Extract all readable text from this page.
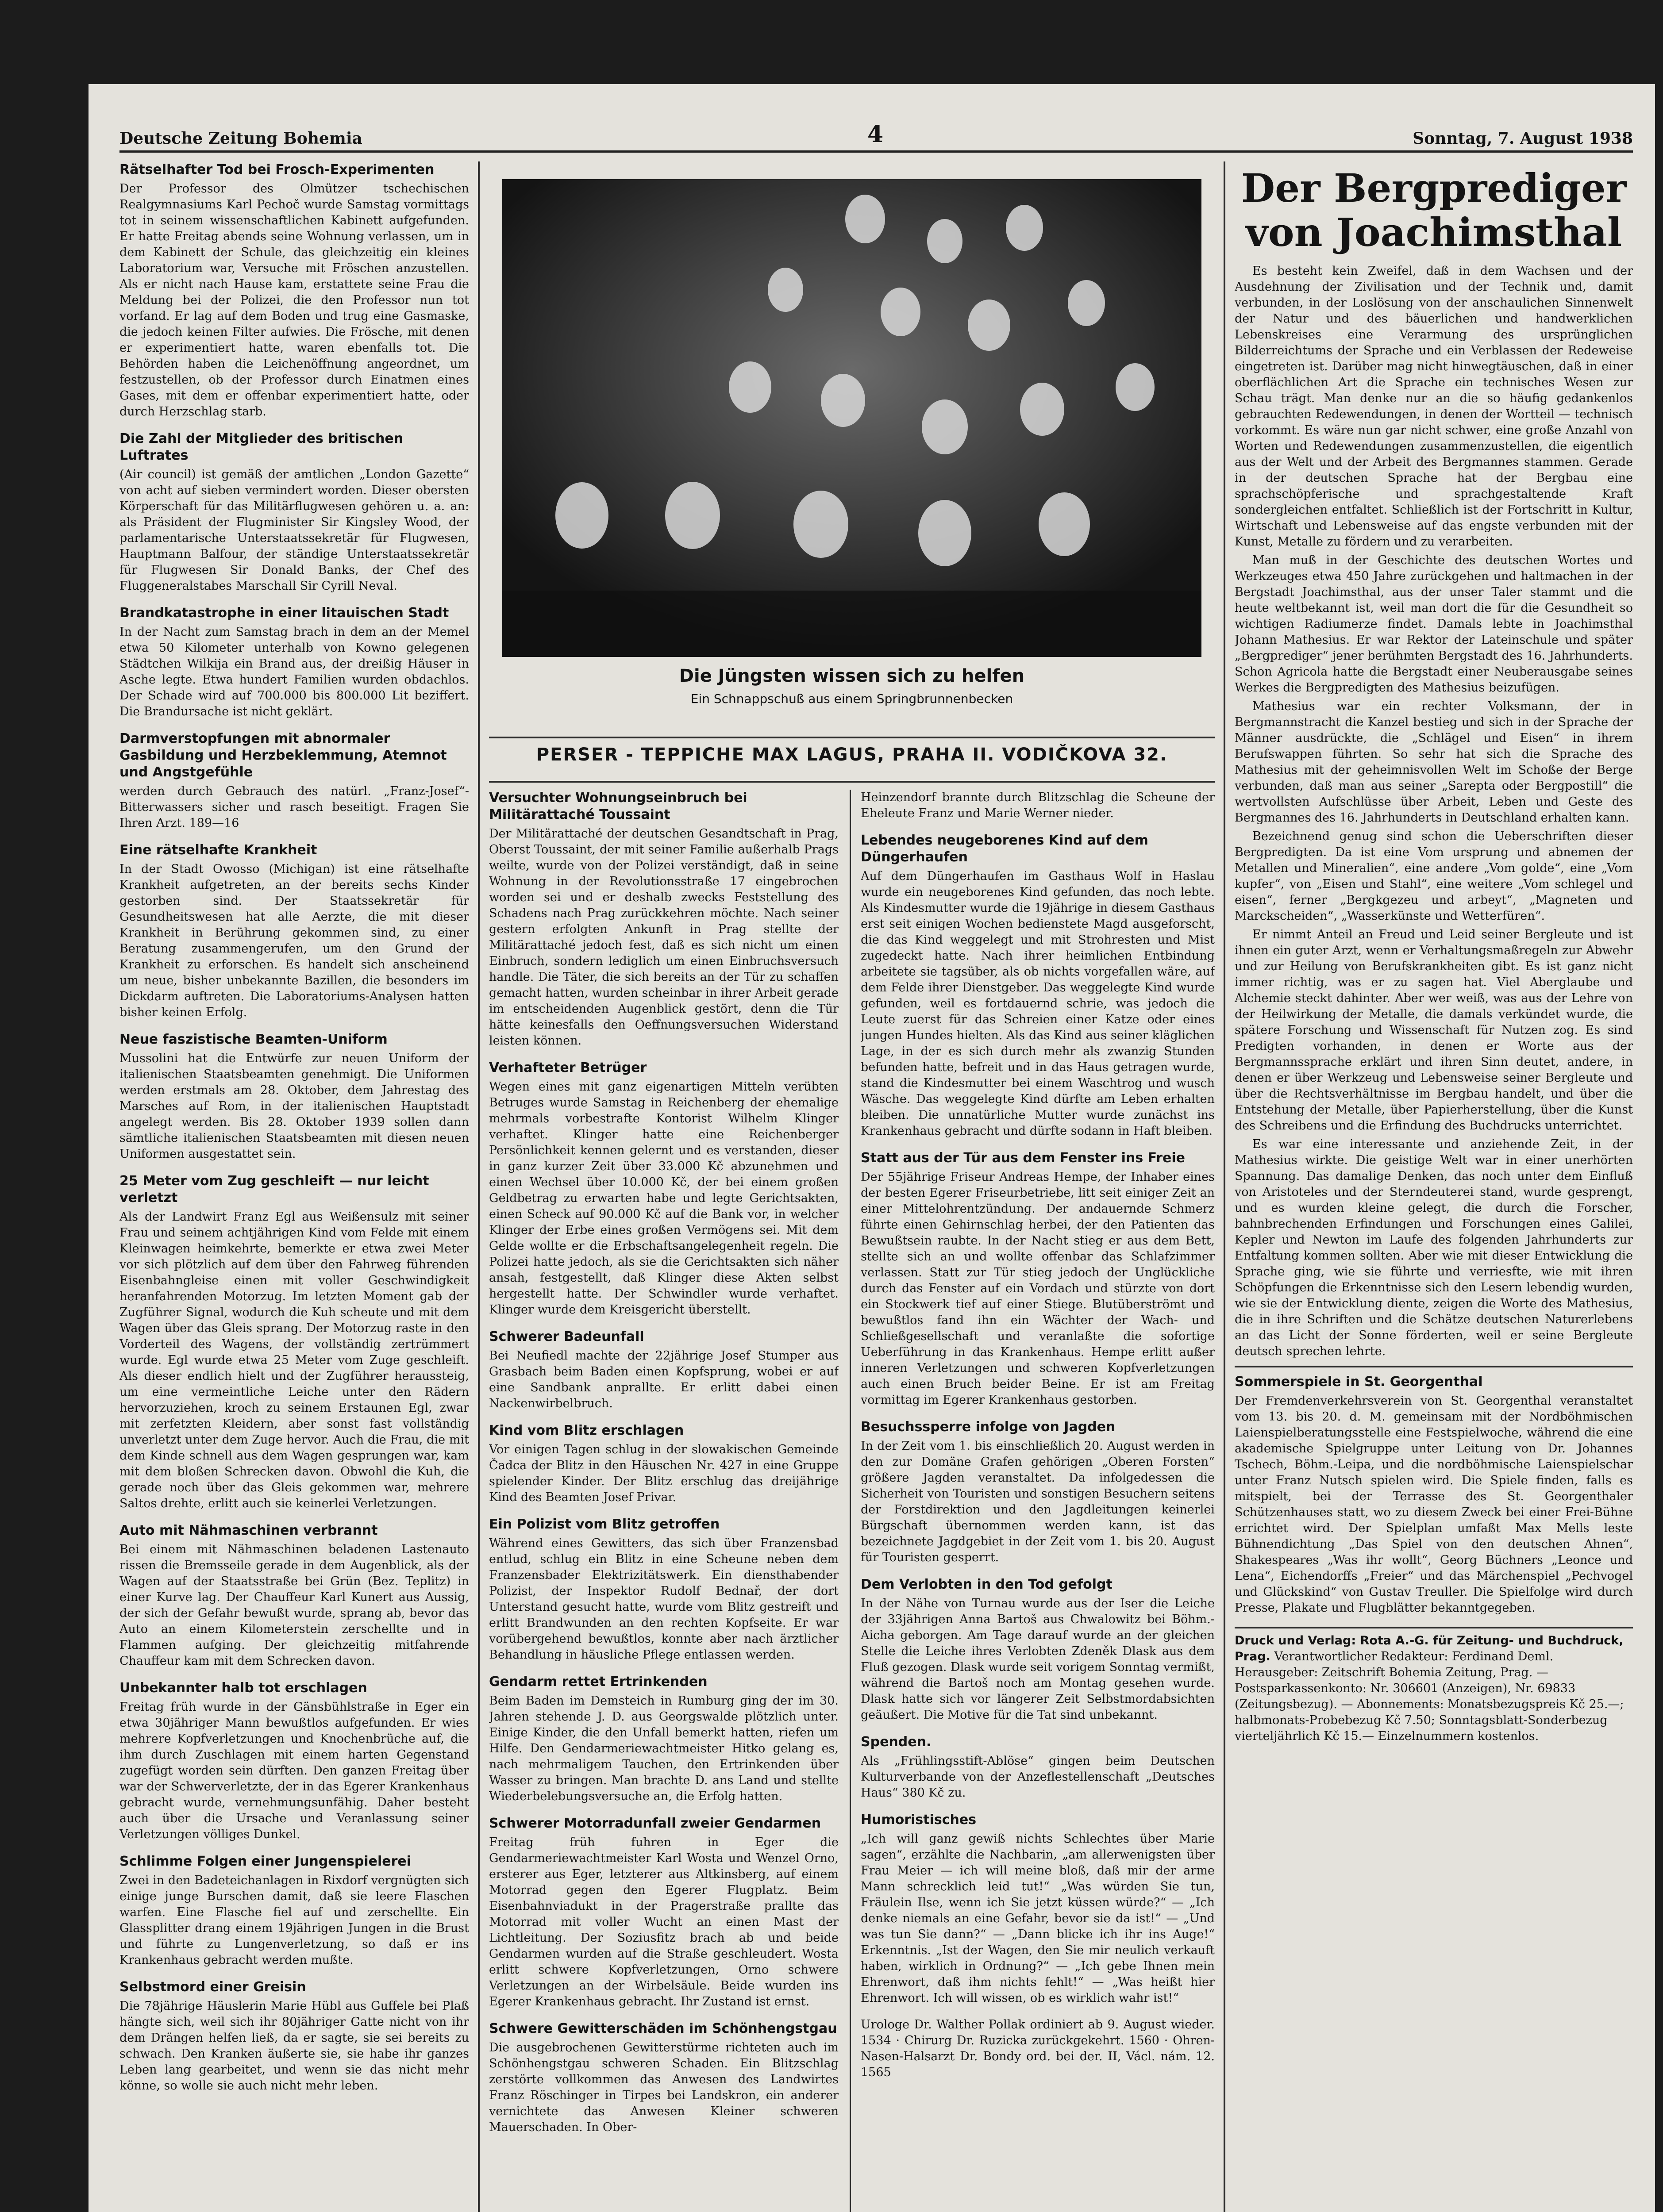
Deutsche Zeitung Bohemia	4	Sonntag, 7. August 1938
Rätselhafter Tod bei Frosch-Experimenten

Der Professor des Olmützer tschechischen Realgymnasiums Karl Pechoč wurde Samstag vormittags tot in seinem wissenschaftlichen Kabinett aufgefunden. Er hatte Freitag abends seine Wohnung verlassen, um in dem Kabinett der Schule, das gleichzeitig ein kleines Laboratorium war, Versuche mit Fröschen anzustellen. Als er nicht nach Hause kam, erstattete seine Frau die Meldung bei der Polizei, die den Professor nun tot vorfand. Er lag auf dem Boden und trug eine Gasmaske, die jedoch keinen Filter aufwies. Die Frösche, mit denen er experimentiert hatte, waren ebenfalls tot. Die Behörden haben die Leichenöffnung angeordnet, um festzustellen, ob der Professor durch Einatmen eines Gases, mit dem er offenbar experimentiert hatte, oder durch Herzschlag starb.

Die Zahl der Mitglieder des britischen Luftrates

(Air council) ist gemäß der amtlichen „London Gazette“ von acht auf sieben vermindert worden. Dieser obersten Körperschaft für das Militärflugwesen gehören u. a. an: als Präsident der Flugminister Sir Kingsley Wood, der parlamentarische Unterstaatssekretär für Flugwesen, Hauptmann Balfour, der ständige Unterstaatssekretär für Flugwesen Sir Donald Banks, der Chef des Fluggeneralstabes Marschall Sir Cyrill Neval.

Brandkatastrophe in einer litauischen Stadt

In der Nacht zum Samstag brach in dem an der Memel etwa 50 Kilometer unterhalb von Kowno gelegenen Städtchen Wilkija ein Brand aus, der dreißig Häuser in Asche legte. Etwa hundert Familien wurden obdachlos. Der Schade wird auf 700.000 bis 800.000 Lit beziffert. Die Brandursache ist nicht geklärt.

Darmverstopfungen mit abnormaler Gasbildung und Herzbeklemmung, Atemnot und Angstgefühle

werden durch Gebrauch des natürl. „Franz-Josef“-Bitterwassers sicher und rasch beseitigt. Fragen Sie Ihren Arzt. 189—16

Eine rätselhafte Krankheit

In der Stadt Owosso (Michigan) ist eine rätselhafte Krankheit aufgetreten, an der bereits sechs Kinder gestorben sind. Der Staatssekretär für Gesundheitswesen hat alle Aerzte, die mit dieser Krankheit in Berührung gekommen sind, zu einer Beratung zusammengerufen, um den Grund der Krankheit zu erforschen. Es handelt sich anscheinend um neue, bisher unbekannte Bazillen, die besonders im Dickdarm auftreten. Die Laboratoriums-Analysen hatten bisher keinen Erfolg.

Neue faszistische Beamten-Uniform

Mussolini hat die Entwürfe zur neuen Uniform der italienischen Staatsbeamten genehmigt. Die Uniformen werden erstmals am 28. Oktober, dem Jahrestag des Marsches auf Rom, in der italienischen Hauptstadt angelegt werden. Bis 28. Oktober 1939 sollen dann sämtliche italienischen Staatsbeamten mit diesen neuen Uniformen ausgestattet sein.

25 Meter vom Zug geschleift — nur leicht verletzt

Als der Landwirt Franz Egl aus Weißensulz mit seiner Frau und seinem achtjährigen Kind vom Felde mit einem Kleinwagen heimkehrte, bemerkte er etwa zwei Meter vor sich plötzlich auf dem über den Fahrweg führenden Eisenbahngleise einen mit voller Geschwindigkeit heranfahrenden Motorzug. Im letzten Moment gab der Zugführer Signal, wodurch die Kuh scheute und mit dem Wagen über das Gleis sprang. Der Motorzug raste in den Vorderteil des Wagens, der vollständig zertrümmert wurde. Egl wurde etwa 25 Meter vom Zuge geschleift. Als dieser endlich hielt und der Zugführer heraussteig, um eine vermeintliche Leiche unter den Rädern hervorzuziehen, kroch zu seinem Erstaunen Egl, zwar mit zerfetzten Kleidern, aber sonst fast vollständig unverletzt unter dem Zuge hervor. Auch die Frau, die mit dem Kinde schnell aus dem Wagen gesprungen war, kam mit dem bloßen Schrecken davon. Obwohl die Kuh, die gerade noch über das Gleis gekommen war, mehrere Saltos drehte, erlitt auch sie keinerlei Verletzungen.

Auto mit Nähmaschinen verbrannt

Bei einem mit Nähmaschinen beladenen Lastenauto rissen die Bremsseile gerade in dem Augenblick, als der Wagen auf der Staatsstraße bei Grün (Bez. Teplitz) in einer Kurve lag. Der Chauffeur Karl Kunert aus Aussig, der sich der Gefahr bewußt wurde, sprang ab, bevor das Auto an einem Kilometerstein zerschellte und in Flammen aufging. Der gleichzeitig mitfahrende Chauffeur kam mit dem Schrecken davon.

Unbekannter halb tot erschlagen

Freitag früh wurde in der Gänsbühlstraße in Eger ein etwa 30jähriger Mann bewußtlos aufgefunden. Er wies mehrere Kopfverletzungen und Knochenbrüche auf, die ihm durch Zuschlagen mit einem harten Gegenstand zugefügt worden sein dürften. Den ganzen Freitag über war der Schwerverletzte, der in das Egerer Krankenhaus gebracht wurde, vernehmungsunfähig. Daher besteht auch über die Ursache und Veranlassung seiner Verletzungen völliges Dunkel.

Schlimme Folgen einer Jungenspielerei

Zwei in den Badeteichanlagen in Rixdorf vergnügten sich einige junge Burschen damit, daß sie leere Flaschen warfen. Eine Flasche fiel auf und zerschellte. Ein Glassplitter drang einem 19jährigen Jungen in die Brust und führte zu Lungenverletzung, so daß er ins Krankenhaus gebracht werden mußte.

Selbstmord einer Greisin

Die 78jährige Häuslerin Marie Hübl aus Guffele bei Plaß hängte sich, weil sich ihr 80jähriger Gatte nicht von ihr dem Drängen helfen ließ, da er sagte, sie sei bereits zu schwach. Den Kranken äußerte sie, sie habe ihr ganzes Leben lang gearbeitet, und wenn sie das nicht mehr könne, so wolle sie auch nicht mehr leben.

Die Jüngsten wissen sich zu helfen
Ein Schnappschuß aus einem Springbrunnenbecken
PERSER - TEPPICHE MAX LAGUS, PRAHA II. VODIČKOVA 32.
Versuchter Wohnungseinbruch bei Militärattaché Toussaint

Der Militärattaché der deutschen Gesandtschaft in Prag, Oberst Toussaint, der mit seiner Familie außerhalb Prags weilte, wurde von der Polizei verständigt, daß in seine Wohnung in der Revolutionsstraße 17 eingebrochen worden sei und er deshalb zwecks Feststellung des Schadens nach Prag zurückkehren möchte. Nach seiner gestern erfolgten Ankunft in Prag stellte der Militärattaché jedoch fest, daß es sich nicht um einen Einbruch, sondern lediglich um einen Einbruchsversuch handle. Die Täter, die sich bereits an der Tür zu schaffen gemacht hatten, wurden scheinbar in ihrer Arbeit gerade im entscheidenden Augenblick gestört, denn die Tür hätte keinesfalls den Oeffnungsversuchen Widerstand leisten können.

Verhafteter Betrüger

Wegen eines mit ganz eigenartigen Mitteln verübten Betruges wurde Samstag in Reichenberg der ehemalige mehrmals vorbestrafte Kontorist Wilhelm Klinger verhaftet. Klinger hatte eine Reichenberger Persönlichkeit kennen gelernt und es verstanden, dieser in ganz kurzer Zeit über 33.000 Kč abzunehmen und einen Wechsel über 10.000 Kč, der bei einem großen Geldbetrag zu erwarten habe und legte Gerichtsakten, einen Scheck auf 90.000 Kč auf die Bank vor, in welcher Klinger der Erbe eines großen Vermögens sei. Mit dem Gelde wollte er die Erbschaftsangelegenheit regeln. Die Polizei hatte jedoch, als sie die Gerichtsakten sich näher ansah, festgestellt, daß Klinger diese Akten selbst hergestellt hatte. Der Schwindler wurde verhaftet. Klinger wurde dem Kreisgericht überstellt.

Schwerer Badeunfall

Bei Neufiedl machte der 22jährige Josef Stumper aus Grasbach beim Baden einen Kopfsprung, wobei er auf eine Sandbank anprallte. Er erlitt dabei einen Nackenwirbelbruch.

Kind vom Blitz erschlagen

Vor einigen Tagen schlug in der slowakischen Gemeinde Čadca der Blitz in den Häuschen Nr. 427 in eine Gruppe spielender Kinder. Der Blitz erschlug das dreijährige Kind des Beamten Josef Privar.

Ein Polizist vom Blitz getroffen

Während eines Gewitters, das sich über Franzensbad entlud, schlug ein Blitz in eine Scheune neben dem Franzensbader Elektrizitätswerk. Ein diensthabender Polizist, der Inspektor Rudolf Bednař, der dort Unterstand gesucht hatte, wurde vom Blitz gestreift und erlitt Brandwunden an den rechten Kopfseite. Er war vorübergehend bewußtlos, konnte aber nach ärztlicher Behandlung in häusliche Pflege entlassen werden.

Gendarm rettet Ertrinkenden

Beim Baden im Demsteich in Rumburg ging der im 30. Jahren stehende J. D. aus Georgswalde plötzlich unter. Einige Kinder, die den Unfall bemerkt hatten, riefen um Hilfe. Den Gendarmeriewachtmeister Hitko gelang es, nach mehrmaligem Tauchen, den Ertrinkenden über Wasser zu bringen. Man brachte D. ans Land und stellte Wiederbelebungsversuche an, die Erfolg hatten.

Schwerer Motorradunfall zweier Gendarmen

Freitag früh fuhren in Eger die Gendarmeriewachtmeister Karl Wosta und Wenzel Orno, ersterer aus Eger, letzterer aus Altkinsberg, auf einem Motorrad gegen den Egerer Flugplatz. Beim Eisenbahnviadukt in der Pragerstraße prallte das Motorrad mit voller Wucht an einen Mast der Lichtleitung. Der Soziusfitz brach ab und beide Gendarmen wurden auf die Straße geschleudert. Wosta erlitt schwere Kopfverletzungen, Orno schwere Verletzungen an der Wirbelsäule. Beide wurden ins Egerer Krankenhaus gebracht. Ihr Zustand ist ernst.

Schwere Gewitterschäden im Schönhengstgau

Die ausgebrochenen Gewitterstürme richteten auch im Schönhengstgau schweren Schaden. Ein Blitzschlag zerstörte vollkommen das Anwesen des Landwirtes Franz Röschinger in Tirpes bei Landskron, ein anderer vernichtete das Anwesen Kleiner schweren Mauerschaden. In Ober-

Heinzendorf brannte durch Blitzschlag die Scheune der Eheleute Franz und Marie Werner nieder.

Lebendes neugeborenes Kind auf dem Düngerhaufen

Auf dem Düngerhaufen im Gasthaus Wolf in Haslau wurde ein neugeborenes Kind gefunden, das noch lebte. Als Kindesmutter wurde die 19jährige in diesem Gasthaus erst seit einigen Wochen bedienstete Magd ausgeforscht, die das Kind weggelegt und mit Strohresten und Mist zugedeckt hatte. Nach ihrer heimlichen Entbindung arbeitete sie tagsüber, als ob nichts vorgefallen wäre, auf dem Felde ihrer Dienstgeber. Das weggelegte Kind wurde gefunden, weil es fortdauernd schrie, was jedoch die Leute zuerst für das Schreien einer Katze oder eines jungen Hundes hielten. Als das Kind aus seiner kläglichen Lage, in der es sich durch mehr als zwanzig Stunden befunden hatte, befreit und in das Haus getragen wurde, stand die Kindesmutter bei einem Waschtrog und wusch Wäsche. Das weggelegte Kind dürfte am Leben erhalten bleiben. Die unnatürliche Mutter wurde zunächst ins Krankenhaus gebracht und dürfte sodann in Haft bleiben.

Statt aus der Tür aus dem Fenster ins Freie

Der 55jährige Friseur Andreas Hempe, der Inhaber eines der besten Egerer Friseurbetriebe, litt seit einiger Zeit an einer Mittelohrentzündung. Der andauernde Schmerz führte einen Gehirnschlag herbei, der den Patienten das Bewußtsein raubte. In der Nacht stieg er aus dem Bett, stellte sich an und wollte offenbar das Schlafzimmer verlassen. Statt zur Tür stieg jedoch der Unglückliche durch das Fenster auf ein Vordach und stürzte von dort ein Stockwerk tief auf einer Stiege. Blutüberströmt und bewußtlos fand ihn ein Wächter der Wach- und Schließgesellschaft und veranlaßte die sofortige Ueberführung in das Krankenhaus. Hempe erlitt außer inneren Verletzungen und schweren Kopfverletzungen auch einen Bruch beider Beine. Er ist am Freitag vormittag im Egerer Krankenhaus gestorben.

Besuchssperre infolge von Jagden

In der Zeit vom 1. bis einschließlich 20. August werden in den zur Domäne Grafen gehörigen „Oberen Forsten“ größere Jagden veranstaltet. Da infolgedessen die Sicherheit von Touristen und sonstigen Besuchern seitens der Forstdirektion und den Jagdleitungen keinerlei Bürgschaft übernommen werden kann, ist das bezeichnete Jagdgebiet in der Zeit vom 1. bis 20. August für Touristen gesperrt.

Dem Verlobten in den Tod gefolgt

In der Nähe von Turnau wurde aus der Iser die Leiche der 33jährigen Anna Bartoš aus Chwalowitz bei Böhm.-Aicha geborgen. Am Tage darauf wurde an der gleichen Stelle die Leiche ihres Verlobten Zdeněk Dlask aus dem Fluß gezogen. Dlask wurde seit vorigem Sonntag vermißt, während die Bartoš noch am Montag gesehen wurde. Dlask hatte sich vor längerer Zeit Selbstmordabsichten geäußert. Die Motive für die Tat sind unbekannt.

Spenden.

Als „Frühlingsstift-Ablöse“ gingen beim Deutschen Kulturverbande von der Anzeflestellenschaft „Deutsches Haus“ 380 Kč zu.

Humoristisches

„Ich will ganz gewiß nichts Schlechtes über Marie sagen“, erzählte die Nachbarin, „am allerwenigsten über Frau Meier — ich will meine bloß, daß mir der arme Mann schrecklich leid tut!“ „Was würden Sie tun, Fräulein Ilse, wenn ich Sie jetzt küssen würde?“ — „Ich denke niemals an eine Gefahr, bevor sie da ist!“ — „Und was tun Sie dann?“ — „Dann blicke ich ihr ins Auge!“ Erkenntnis. „Ist der Wagen, den Sie mir neulich verkauft haben, wirklich in Ordnung?“ — „Ich gebe Ihnen mein Ehrenwort, daß ihm nichts fehlt!“ — „Was heißt hier Ehrenwort. Ich will wissen, ob es wirklich wahr ist!“

Urologe Dr. Walther Pollak ordiniert ab 9. August wieder. 1534 · Chirurg Dr. Ruzicka zurückgekehrt. 1560 · Ohren-Nasen-Halsarzt Dr. Bondy ord. bei der. II, Václ. nám. 12. 1565

Der Bergprediger von Joachimsthal

Es besteht kein Zweifel, daß in dem Wachsen und der Ausdehnung der Zivilisation und der Technik und, damit verbunden, in der Loslösung von der anschaulichen Sinnenwelt der Natur und des bäuerlichen und handwerklichen Lebenskreises eine Verarmung des ursprünglichen Bilderreichtums der Sprache und ein Verblassen der Redeweise eingetreten ist. Darüber mag nicht hinwegtäuschen, daß in einer oberflächlichen Art die Sprache ein technisches Wesen zur Schau trägt. Man denke nur an die so häufig gedankenlos gebrauchten Redewendungen, in denen der Wortteil — technisch vorkommt. Es wäre nun gar nicht schwer, eine große Anzahl von Worten und Redewendungen zusammenzustellen, die eigentlich aus der Welt und der Arbeit des Bergmannes stammen. Gerade in der deutschen Sprache hat der Bergbau eine sprachschöpferische und sprachgestaltende Kraft sondergleichen entfaltet. Schließlich ist der Fortschritt in Kultur, Wirtschaft und Lebensweise auf das engste verbunden mit der Kunst, Metalle zu fördern und zu verarbeiten.

Man muß in der Geschichte des deutschen Wortes und Werkzeuges etwa 450 Jahre zurückgehen und haltmachen in der Bergstadt Joachimsthal, aus der unser Taler stammt und die heute weltbekannt ist, weil man dort die für die Gesundheit so wichtigen Radiumerze findet. Damals lebte in Joachimsthal Johann Mathesius. Er war Rektor der Lateinschule und später „Bergprediger“ jener berühmten Bergstadt des 16. Jahrhunderts. Schon Agricola hatte die Bergstadt einer Neuberausgabe seines Werkes die Bergpredigten des Mathesius beizufügen.

Mathesius war ein rechter Volksmann, der in Bergmannstracht die Kanzel bestieg und sich in der Sprache der Männer ausdrückte, die „Schlägel und Eisen“ in ihrem Berufswappen führten. So sehr hat sich die Sprache des Mathesius mit der geheimnisvollen Welt im Schoße der Berge verbunden, daß man aus seiner „Sarepta oder Bergpostill“ die wertvollsten Aufschlüsse über Arbeit, Leben und Geste des Bergmannes des 16. Jahrhunderts in Deutschland erhalten kann.

Bezeichnend genug sind schon die Ueberschriften dieser Bergpredigten. Da ist eine Vom ursprung und abnemen der Metallen und Mineralien“, eine andere „Vom golde“, eine „Vom kupfer“, von „Eisen und Stahl“, eine weitere „Vom schlegel und eisen“, ferner „Bergkgezeu und arbeyt“, „Magneten und Marckscheiden“, „Wasserkünste und Wetterfüren“.

Er nimmt Anteil an Freud und Leid seiner Bergleute und ist ihnen ein guter Arzt, wenn er Verhaltungsmaßregeln zur Abwehr und zur Heilung von Berufskrankheiten gibt. Es ist ganz nicht immer richtig, was er zu sagen hat. Viel Aberglaube und Alchemie steckt dahinter. Aber wer weiß, was aus der Lehre von der Heilwirkung der Metalle, die damals verkündet wurde, die spätere Forschung und Wissenschaft für Nutzen zog. Es sind Predigten vorhanden, in denen er Worte aus der Bergmannssprache erklärt und ihren Sinn deutet, andere, in denen er über Werkzeug und Lebensweise seiner Bergleute und über die Rechtsverhältnisse im Bergbau handelt, und über die Entstehung der Metalle, über Papierherstellung, über die Kunst des Schreibens und die Erfindung des Buchdrucks unterrichtet.

Es war eine interessante und anziehende Zeit, in der Mathesius wirkte. Die geistige Welt war in einer unerhörten Spannung. Das damalige Denken, das noch unter dem Einfluß von Aristoteles und der Sterndeuterei stand, wurde gesprengt, und es wurden kleine gelegt, die durch die Forscher, bahnbrechenden Erfindungen und Forschungen eines Galilei, Kepler und Newton im Laufe des folgenden Jahrhunderts zur Entfaltung kommen sollten. Aber wie mit dieser Entwicklung die Sprache ging, wie sie führte und verriesfte, wie mit ihren Schöpfungen die Erkenntnisse sich den Lesern lebendig wurden, wie sie der Entwicklung diente, zeigen die Worte des Mathesius, die in ihre Schriften und die Schätze deutschen Naturerlebens an das Licht der Sonne förderten, weil er seine Bergleute deutsch sprechen lehrte.

Sommerspiele in St. Georgenthal

Der Fremdenverkehrsverein von St. Georgenthal veranstaltet vom 13. bis 20. d. M. gemeinsam mit der Nordböhmischen Laienspielberatungsstelle eine Festspielwoche, während die eine akademische Spielgruppe unter Leitung von Dr. Johannes Tschech, Böhm.-Leipa, und die nordböhmische Laienspielschar unter Franz Nutsch spielen wird. Die Spiele finden, falls es mitspielt, bei der Terrasse des St. Georgenthaler Schützenhauses statt, wo zu diesem Zweck bei einer Frei-Bühne errichtet wird. Der Spielplan umfaßt Max Mells leste Bühnendichtung „Das Spiel von den deutschen Ahnen“, Shakespeares „Was ihr wollt“, Georg Büchners „Leonce und Lena“, Eichendorffs „Freier“ und das Märchenspiel „Pechvogel und Glückskind“ von Gustav Treuller. Die Spielfolge wird durch Presse, Plakate und Flugblätter bekanntgegeben.

Druck und Verlag: Rota A.-G. für Zeitung- und Buchdruck, Prag. Verantwortlicher Redakteur: Ferdinand Deml. Herausgeber: Zeitschrift Bohemia Zeitung, Prag. — Postsparkassenkonto: Nr. 306601 (Anzeigen), Nr. 69833 (Zeitungsbezug). — Abonnements: Monatsbezugspreis Kč 25.—; halbmonats-Probebezug Kč 7.50; Sonntagsblatt-Sonderbezug vierteljährlich Kč 15.— Einzelnummern kostenlos.
